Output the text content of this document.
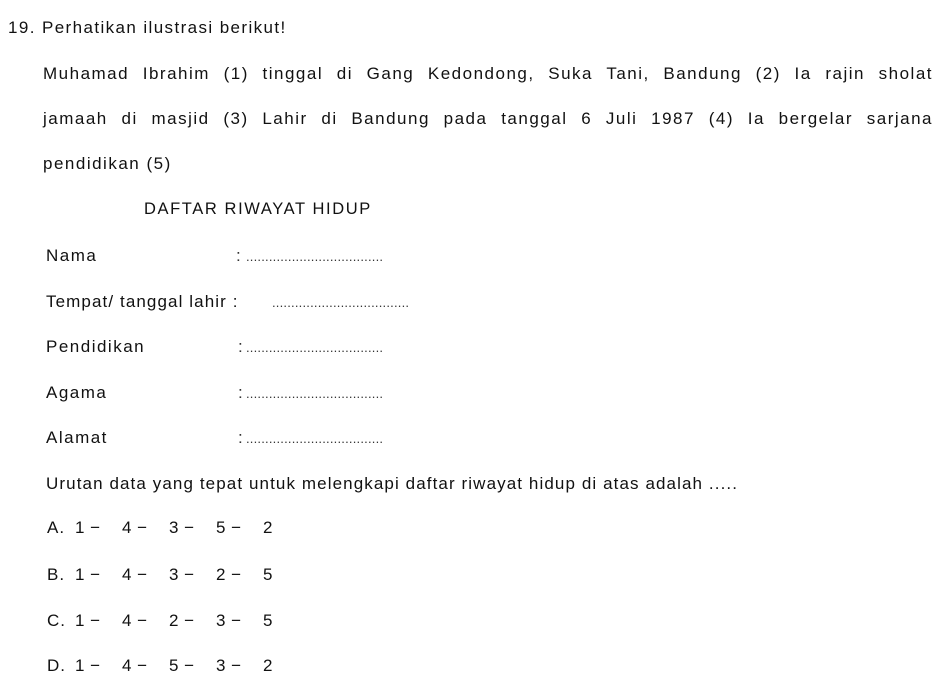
19. Perhatikan ilustrasi berikut!
Muhamad Ibrahim (1) tinggal di Gang Kedondong, Suka Tani, Bandung (2) Ia rajin sholat
jamaah di masjid (3) Lahir di Bandung pada tanggal 6 Juli 1987 (4) Ia bergelar sarjana
pendidikan (5)
DAFTAR RIWAYAT HIDUP
Nama	: ....................................
Tempat/ tanggal lahir :	....................................
Pendidikan	: ....................................
Agama	: ....................................
Alamat	: ....................................
Urutan data yang tepat untuk melengkapi daftar riwayat hidup di atas adalah .....
A. 1 − 4 − 3 − 5 − 2
B. 1 − 4 − 3 − 2 − 5
C. 1 − 4 − 2 − 3 − 5
D. 1 − 4 − 5 − 3 − 2
